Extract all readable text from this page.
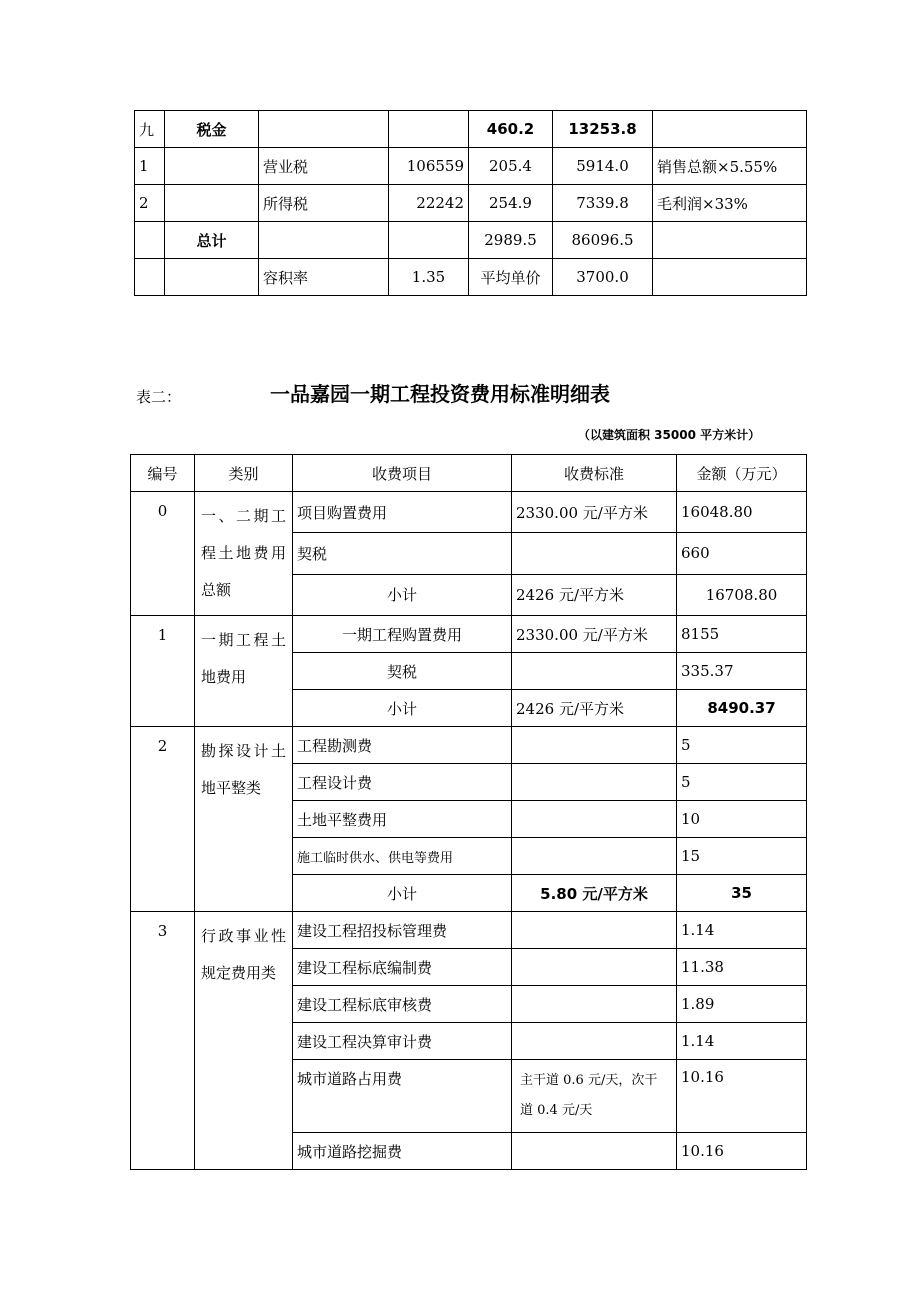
九	税金			460.2	13253.8	
1		营业税	106559	205.4	5914.0	销售总额×5.55%
2		所得税	22242	254.9	7339.8	毛利润×33%
	总计			2989.5	86096.5	
		容积率	1.35	平均单价	3700.0	
表二：	一品嘉园一期工程投资费用标准明细表
（以建筑面积 35000 平方米计）
编号	类别	收费项目	收费标准	金额（万元）
0	一、二期工程土地费用总额	项目购置费用	2330.00 元/平方米	16048.80
		契税		660
		小计	2426 元/平方米	16708.80
1	一期工程土地费用	一期工程购置费用	2330.00 元/平方米	8155
		契税		335.37
		小计	2426 元/平方米	8490.37
2	勘探设计土地平整类	工程勘测费		5
		工程设计费		5
		土地平整费用		10
		施工临时供水、供电等费用		15
		小计	5.80 元/平方米	35
3	行政事业性规定费用类	建设工程招投标管理费		1.14
		建设工程标底编制费		11.38
		建设工程标底审核费		1.89
		建设工程决算审计费		1.14
		城市道路占用费	主干道 0.6 元/天，次干道 0.4 元/天	10.16
		城市道路挖掘费		10.16
